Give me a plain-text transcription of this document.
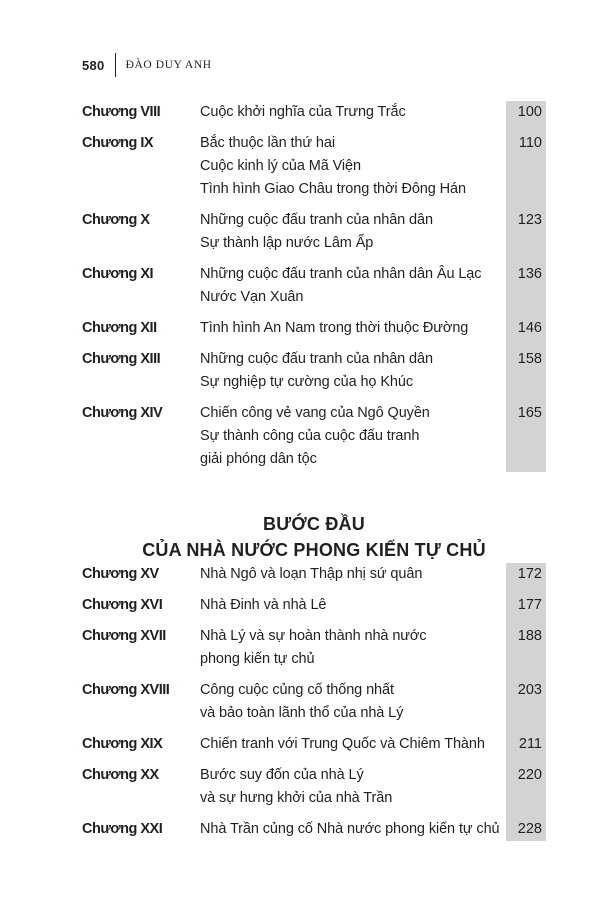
580 ĐÀO DUY ANH
Chương VIII	Cuộc khởi nghĩa của Trưng Trắc	100
Chương IX	Bắc thuộc lần thứ hai
Cuộc kinh lý của Mã Viện
Tình hình Giao Châu trong thời Đông Hán
110
Chương X	Những cuộc đấu tranh của nhân dân
Sự thành lập nước Lâm Ấp
123
Chương XI	Những cuộc đấu tranh của nhân dân Âu Lạc
Nước Vạn Xuân
136
Chương XII	Tình hình An Nam trong thời thuộc Đường	146
Chương XIII	Những cuộc đấu tranh của nhân dân
Sự nghiệp tự cường của họ Khúc
158
Chương XIV	Chiến công vẻ vang của Ngô Quyền
Sự thành công của cuộc đấu tranh
giải phóng dân tộc
165
BƯỚC ĐẦU
CỦA NHÀ NƯỚC PHONG KIẾN TỰ CHỦ
Chương XV	Nhà Ngô và loạn Thập nhị sứ quân	172
Chương XVI	Nhà Đinh và nhà Lê	177
Chương XVII	Nhà Lý và sự hoàn thành nhà nước
phong kiến tự chủ
188
Chương XVIII	Công cuộc củng cố thống nhất
và bảo toàn lãnh thổ của nhà Lý
203
Chương XIX	Chiến tranh với Trung Quốc và Chiêm Thành	211
Chương XX	Bước suy đốn của nhà Lý
và sự hưng khởi của nhà Trần
220
Chương XXI	Nhà Trần củng cố Nhà nước phong kiến tự chủ	228
